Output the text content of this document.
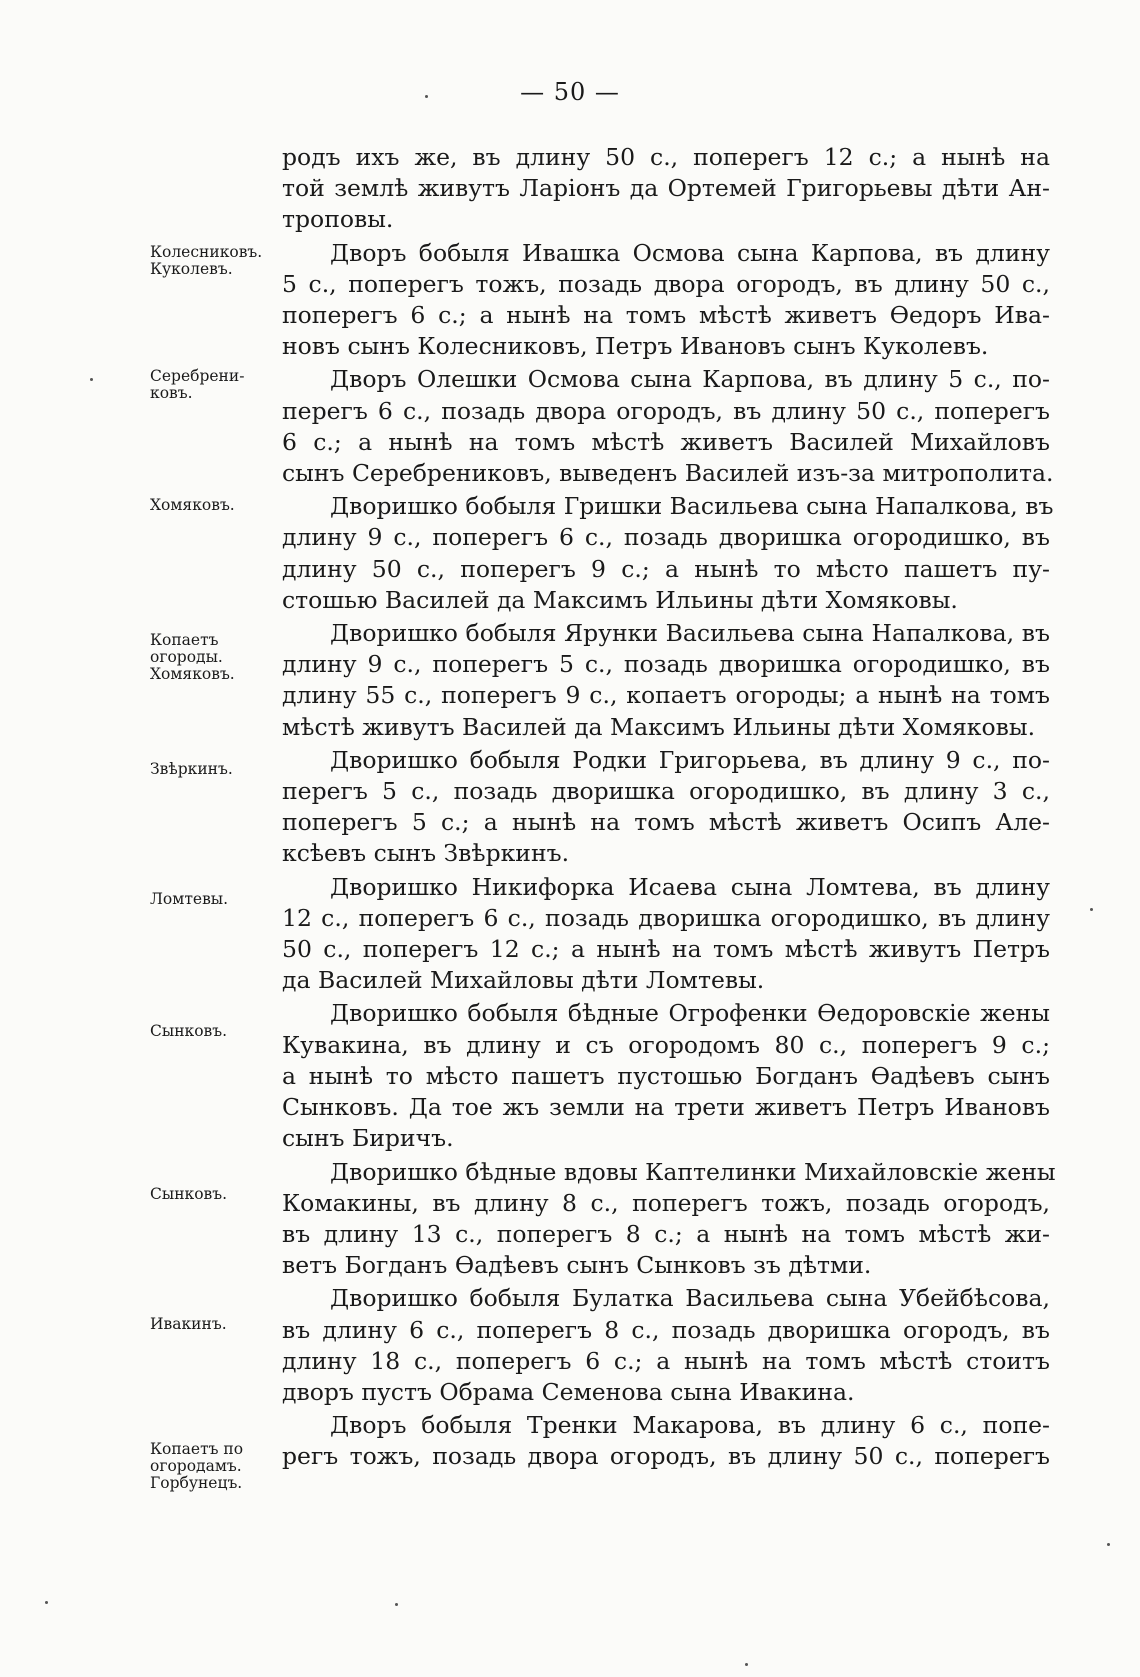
— 50 —
родъ ихъ же, въ длину 50 с., поперегъ 12 с.; а нынѣ на
той землѣ живутъ Ларіонъ да Ортемей Григорьевы дѣти Ан-
троповы.
Дворъ бобыля Ивашка Осмова сына Карпова, въ длину
5 с., поперегъ тожъ, позадь двора огородъ, въ длину 50 с.,
поперегъ 6 с.; а нынѣ на томъ мѣстѣ живетъ Ѳедоръ Ива-
новъ сынъ Колесниковъ, Петръ Ивановъ сынъ Куколевъ.
Дворъ Олешки Осмова сына Карпова, въ длину 5 с., по-
перегъ 6 с., позадь двора огородъ, въ длину 50 с., поперегъ
6 с.; а нынѣ на томъ мѣстѣ живетъ Василей Михайловъ
сынъ Серебрениковъ, выведенъ Василей изъ-за митрополита.
Дворишко бобыля Гришки Васильева сына Напалкова, въ
длину 9 с., поперегъ 6 с., позадь дворишка огородишко, въ
длину 50 с., поперегъ 9 с.; а нынѣ то мѣсто пашетъ пу-
стошью Василей да Максимъ Ильины дѣти Хомяковы.
Дворишко бобыля Ярунки Васильева сына Напалкова, въ
длину 9 с., поперегъ 5 с., позадь дворишка огородишко, въ
длину 55 с., поперегъ 9 с., копаетъ огороды; а нынѣ на томъ
мѣстѣ живутъ Василей да Максимъ Ильины дѣти Хомяковы.
Дворишко бобыля Родки Григорьева, въ длину 9 с., по-
перегъ 5 с., позадь дворишка огородишко, въ длину 3 с.,
поперегъ 5 с.; а нынѣ на томъ мѣстѣ живетъ Осипъ Але-
ксѣевъ сынъ Звѣркинъ.
Дворишко Никифорка Исаева сына Ломтева, въ длину
12 с., поперегъ 6 с., позадь дворишка огородишко, въ длину
50 с., поперегъ 12 с.; а нынѣ на томъ мѣстѣ живутъ Петръ
да Василей Михайловы дѣти Ломтевы.
Дворишко бобыля бѣдные Огрофенки Ѳедоровскіе жены
Кувакина, въ длину и съ огородомъ 80 с., поперегъ 9 с.;
а нынѣ то мѣсто пашетъ пустошью Богданъ Ѳадѣевъ сынъ
Сынковъ. Да тое жъ земли на трети живетъ Петръ Ивановъ
сынъ Биричъ.
Дворишко бѣдные вдовы Каптелинки Михайловскіе жены
Комакины, въ длину 8 с., поперегъ тожъ, позадь огородъ,
въ длину 13 с., поперегъ 8 с.; а нынѣ на томъ мѣстѣ жи-
ветъ Богданъ Ѳадѣевъ сынъ Сынковъ зъ дѣтми.
Дворишко бобыля Булатка Васильева сына Убейбѣсова,
въ длину 6 с., поперегъ 8 с., позадь дворишка огородъ, въ
длину 18 с., поперегъ 6 с.; а нынѣ на томъ мѣстѣ стоитъ
дворъ пустъ Обрама Семенова сына Ивакина.
Дворъ бобыля Тренки Макарова, въ длину 6 с., попе-
регъ тожъ, позадь двора огородъ, въ длину 50 с., поперегъ
Колесниковъ.
Куколевъ.
Серебрени-
ковъ.
Хомяковъ.
Копаетъ
огороды.
Хомяковъ.
Звѣркинъ.
Ломтевы.
Сынковъ.
Сынковъ.
Ивакинъ.
Копаетъ по
огородамъ.
Горбунецъ.
